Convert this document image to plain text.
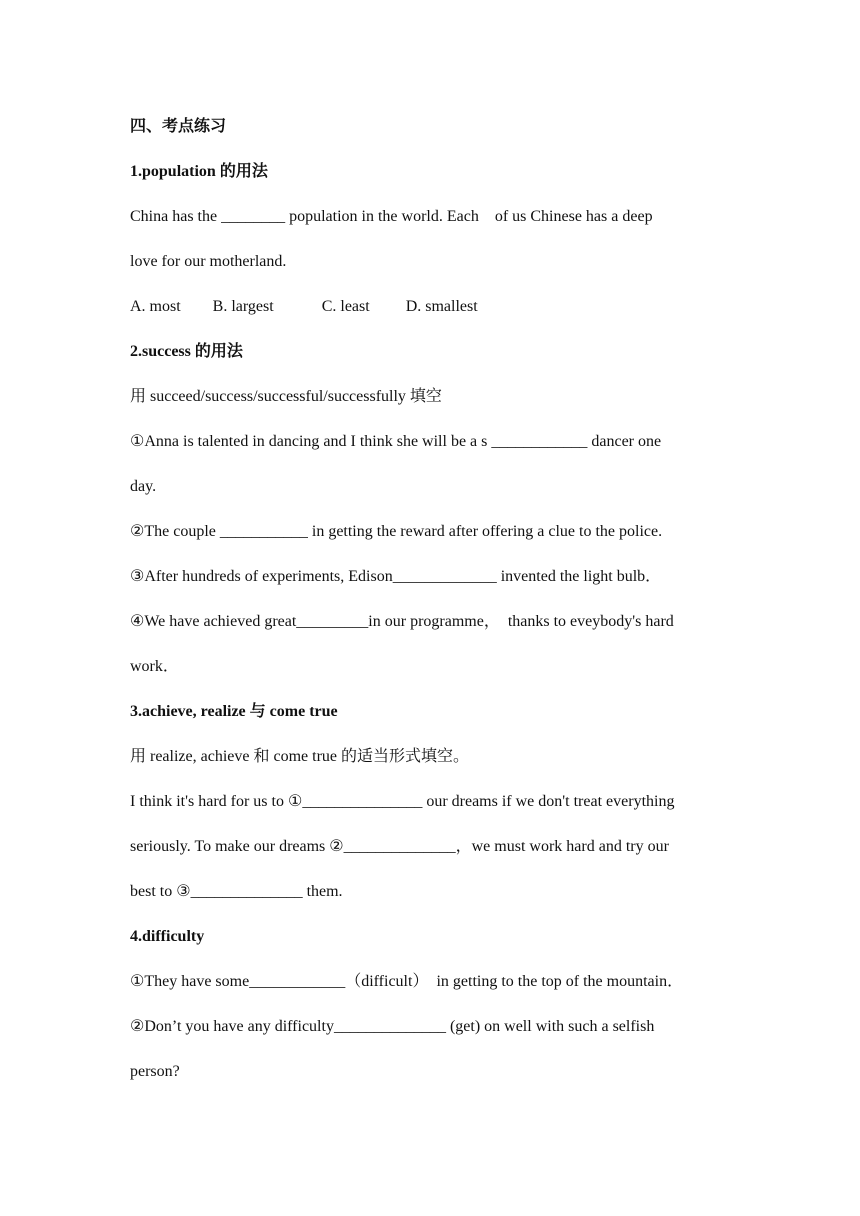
四、考点练习
1.population 的用法
China has the ________ population in the world. Each    of us Chinese has a deep
love for our motherland.
A. most        B. largest            C. least         D. smallest
2.success 的用法
用 succeed/success/successful/successfully 填空
①Anna is talented in dancing and I think she will be a s ____________ dancer one
day.
②The couple ___________ in getting the reward after offering a clue to the police.
③After hundreds of experiments, Edison_____________ invented the light bulb．
④We have achieved great_________in our programme，  thanks to eveybody's hard
work．
3.achieve, realize 与 come true
用 realize, achieve 和 come true 的适当形式填空。
I think it's hard for us to ①_______________ our dreams if we don't treat everything
seriously. To make our dreams ②______________，we must work hard and try our
best to ③______________ them.
4.difficulty
①They have some____________（difficult）  in getting to the top of the mountain．
②Don’t you have any difficulty______________ (get) on well with such a selfish
person?
